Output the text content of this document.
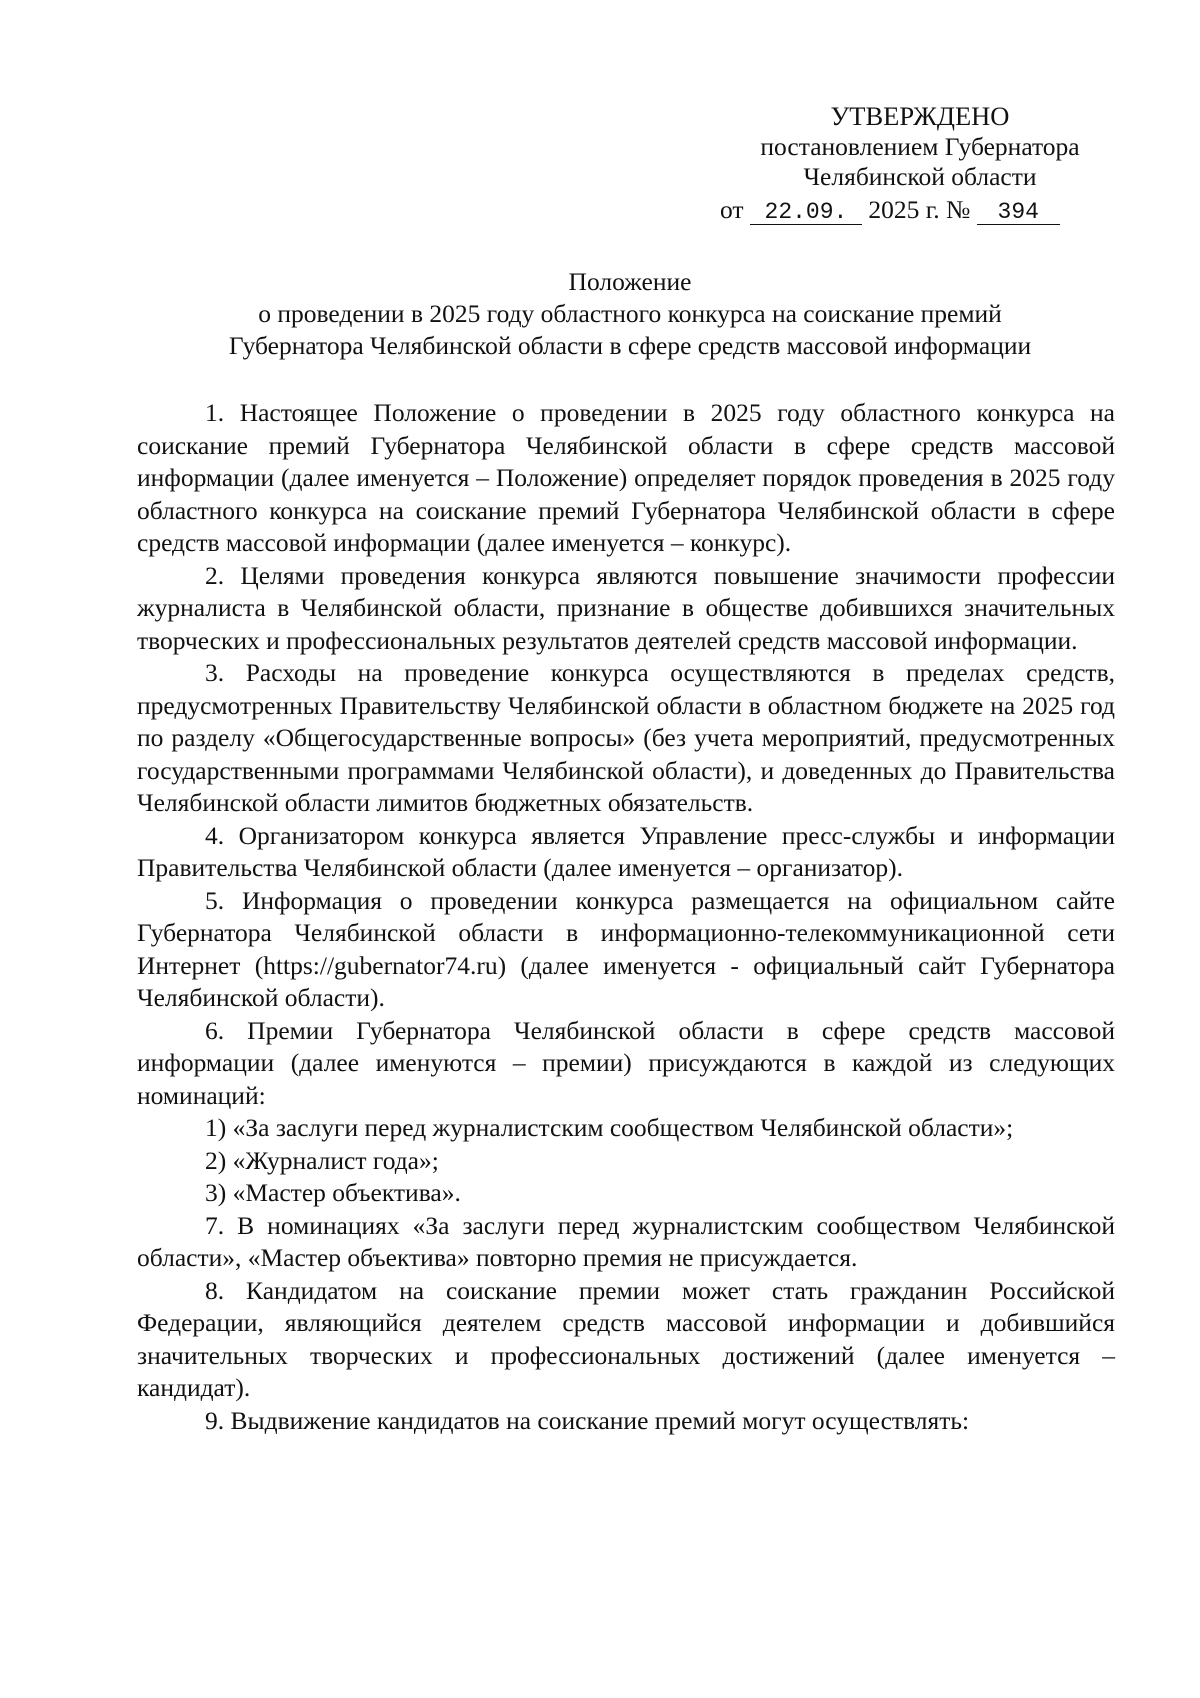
УТВЕРЖДЕНО
постановлением Губернатора
Челябинской области
от 22.09. 2025 г. № 394
Положение
о проведении в 2025 году областного конкурса на соискание премий
Губернатора Челябинской области в сфере средств массовой информации

1. Настоящее Положение о проведении в 2025 году областного конкурса на соискание премий Губернатора Челябинской области в сфере средств массовой информации (далее именуется – Положение) определяет порядок проведения в 2025 году областного конкурса на соискание премий Губернатора Челябинской области в сфере средств массовой информации (далее именуется – конкурс).

2. Целями проведения конкурса являются повышение значимости профессии журналиста в Челябинской области, признание в обществе добившихся значительных творческих и профессиональных результатов деятелей средств массовой информации.

3. Расходы на проведение конкурса осуществляются в пределах средств, предусмотренных Правительству Челябинской области в областном бюджете на 2025 год по разделу «Общегосударственные вопросы» (без учета мероприятий, предусмотренных государственными программами Челябинской области), и доведенных до Правительства Челябинской области лимитов бюджетных обязательств.

4. Организатором конкурса является Управление пресс-службы и информации Правительства Челябинской области (далее именуется – организатор).

5. Информация о проведении конкурса размещается на официальном сайте Губернатора Челябинской области в информационно-телекоммуникационной сети Интернет (https://gubernator74.ru) (далее именуется - официальный сайт Губернатора Челябинской области).

6. Премии Губернатора Челябинской области в сфере средств массовой информации (далее именуются – премии) присуждаются в каждой из следующих номинаций:

1) «За заслуги перед журналистским сообществом Челябинской области»;

2) «Журналист года»;

3) «Мастер объектива».

7. В номинациях «За заслуги перед журналистским сообществом Челябинской области», «Мастер объектива» повторно премия не присуждается.

8. Кандидатом на соискание премии может стать гражданин Российской Федерации, являющийся деятелем средств массовой информации и добившийся значительных творческих и профессиональных достижений (далее именуется – кандидат).

9. Выдвижение кандидатов на соискание премий могут осуществлять:
